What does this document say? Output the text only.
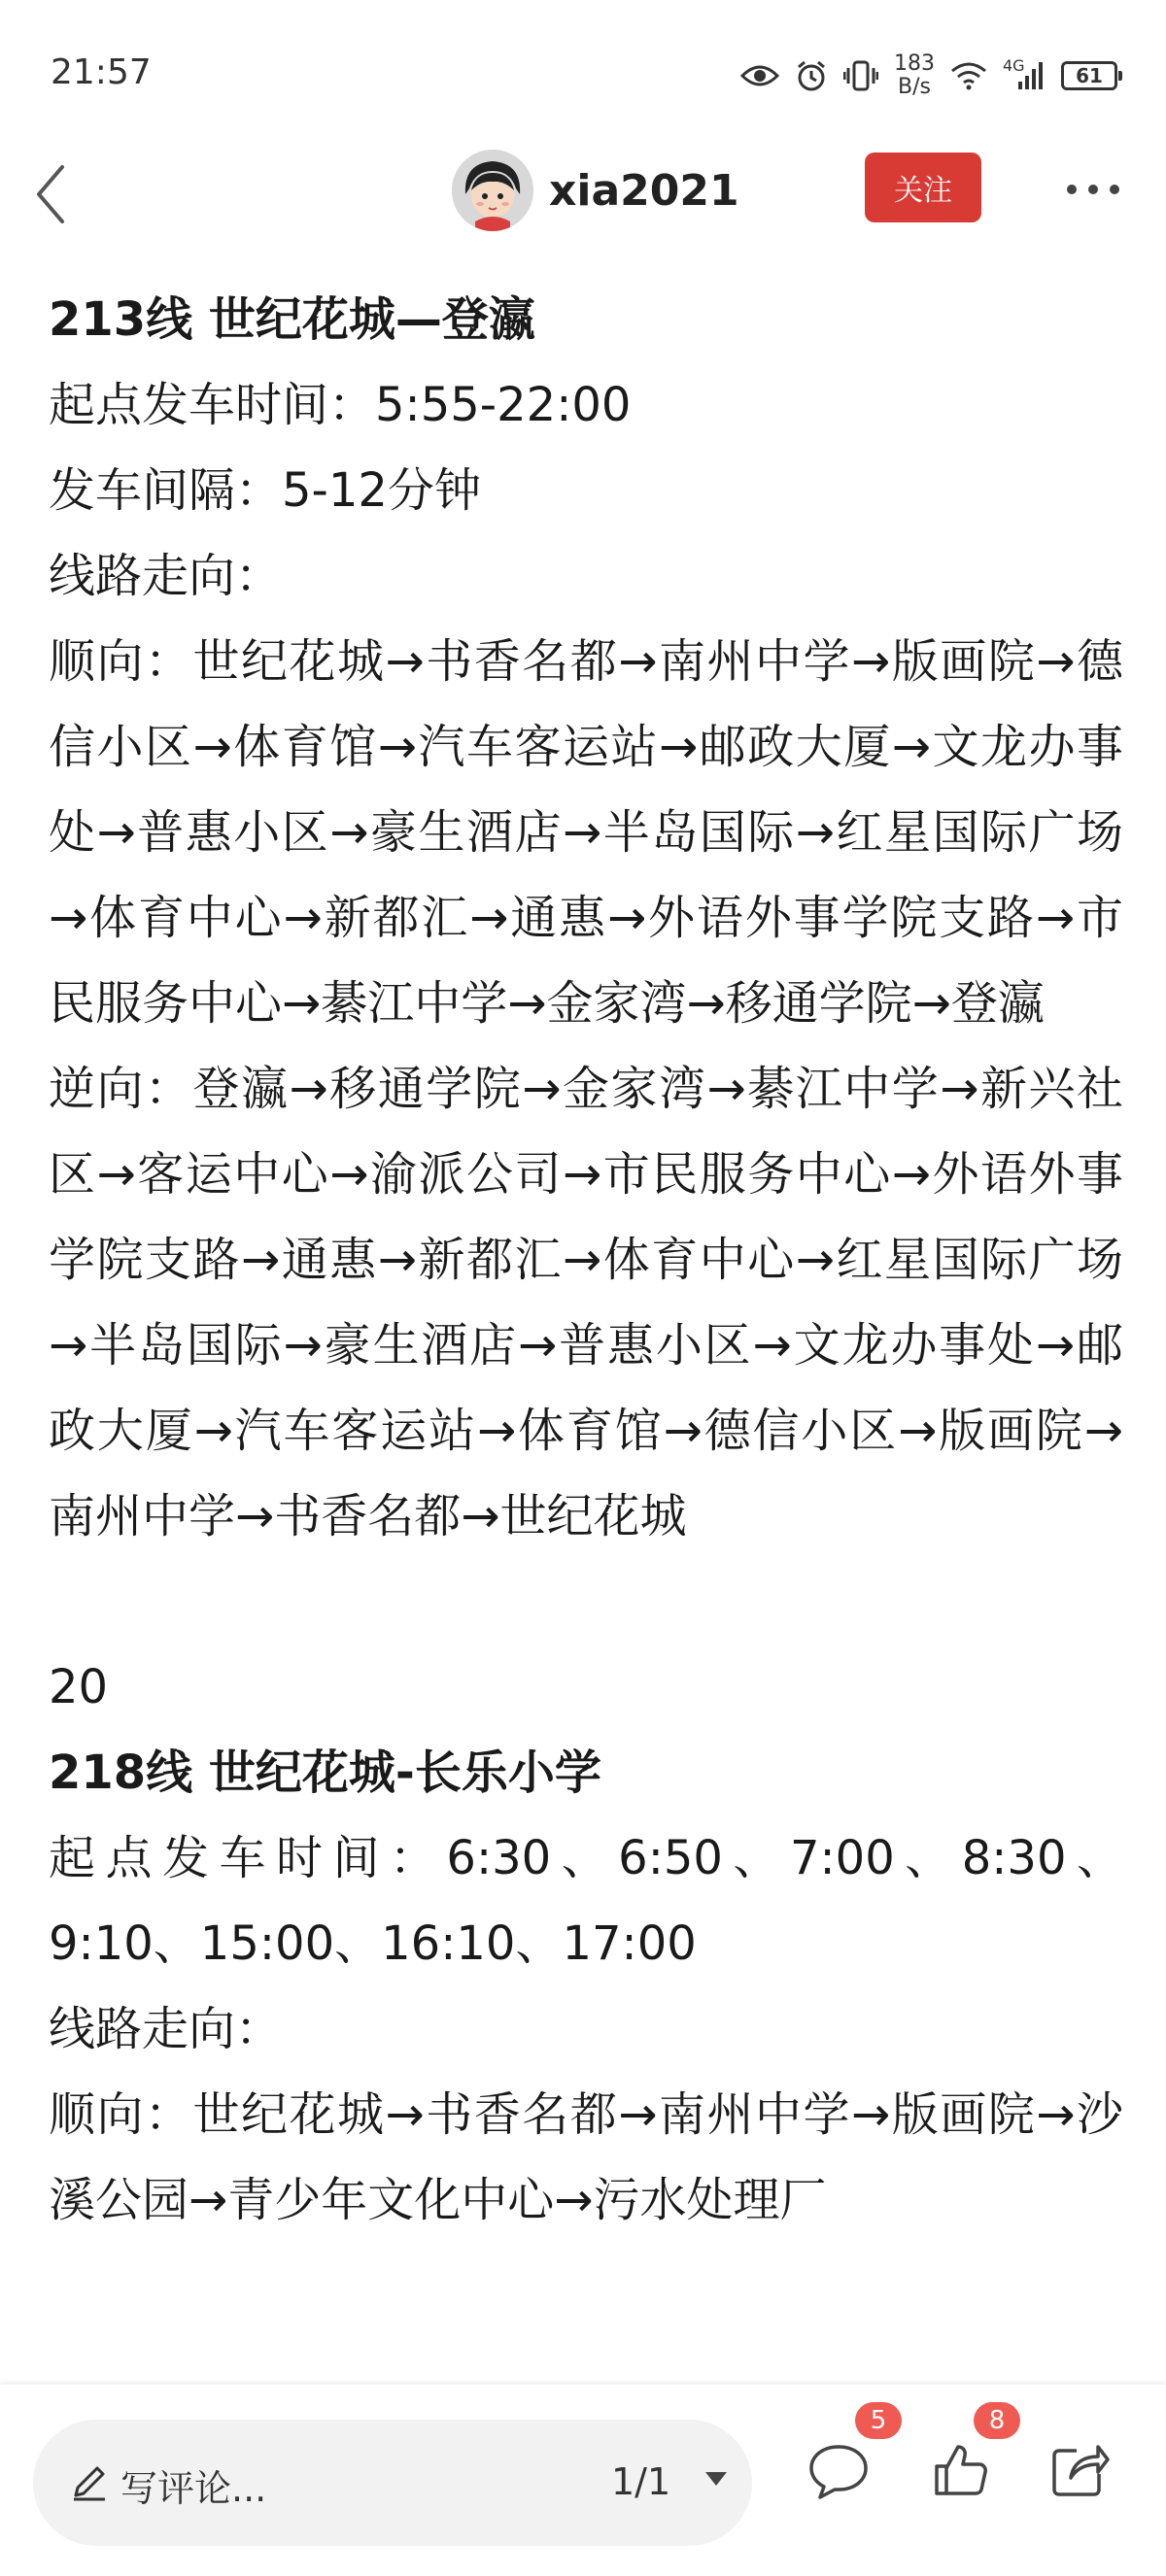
21:57	183
B/s
4G	61
xia2021	关注

213线 世纪花城—登瀛

起点发车时间：5:55-22:00

发车间隔：5-12分钟

线路走向：

顺向：世纪花城→书香名都→南州中学→版画院→德信小区→体育馆→汽车客运站→邮政大厦→文龙办事处→普惠小区→豪生酒店→半岛国际→红星国际广场→体育中心→新都汇→通惠→外语外事学院支路→市民服务中心→綦江中学→金家湾→移通学院→登瀛

逆向：登瀛→移通学院→金家湾→綦江中学→新兴社区→客运中心→渝派公司→市民服务中心→外语外事学院支路→通惠→新都汇→体育中心→红星国际广场→半岛国际→豪生酒店→普惠小区→文龙办事处→邮政大厦→汽车客运站→体育馆→德信小区→版画院→南州中学→书香名都→世纪花城

20

218线 世纪花城-长乐小学

起点发车时间：6:30、6:50、7:00、8:30、9:10、15:00、16:10、17:00

线路走向：

顺向：世纪花城→书香名都→南州中学→版画院→沙溪公园→青少年文化中心→污水处理厂

写评论...	1/1
5	8
